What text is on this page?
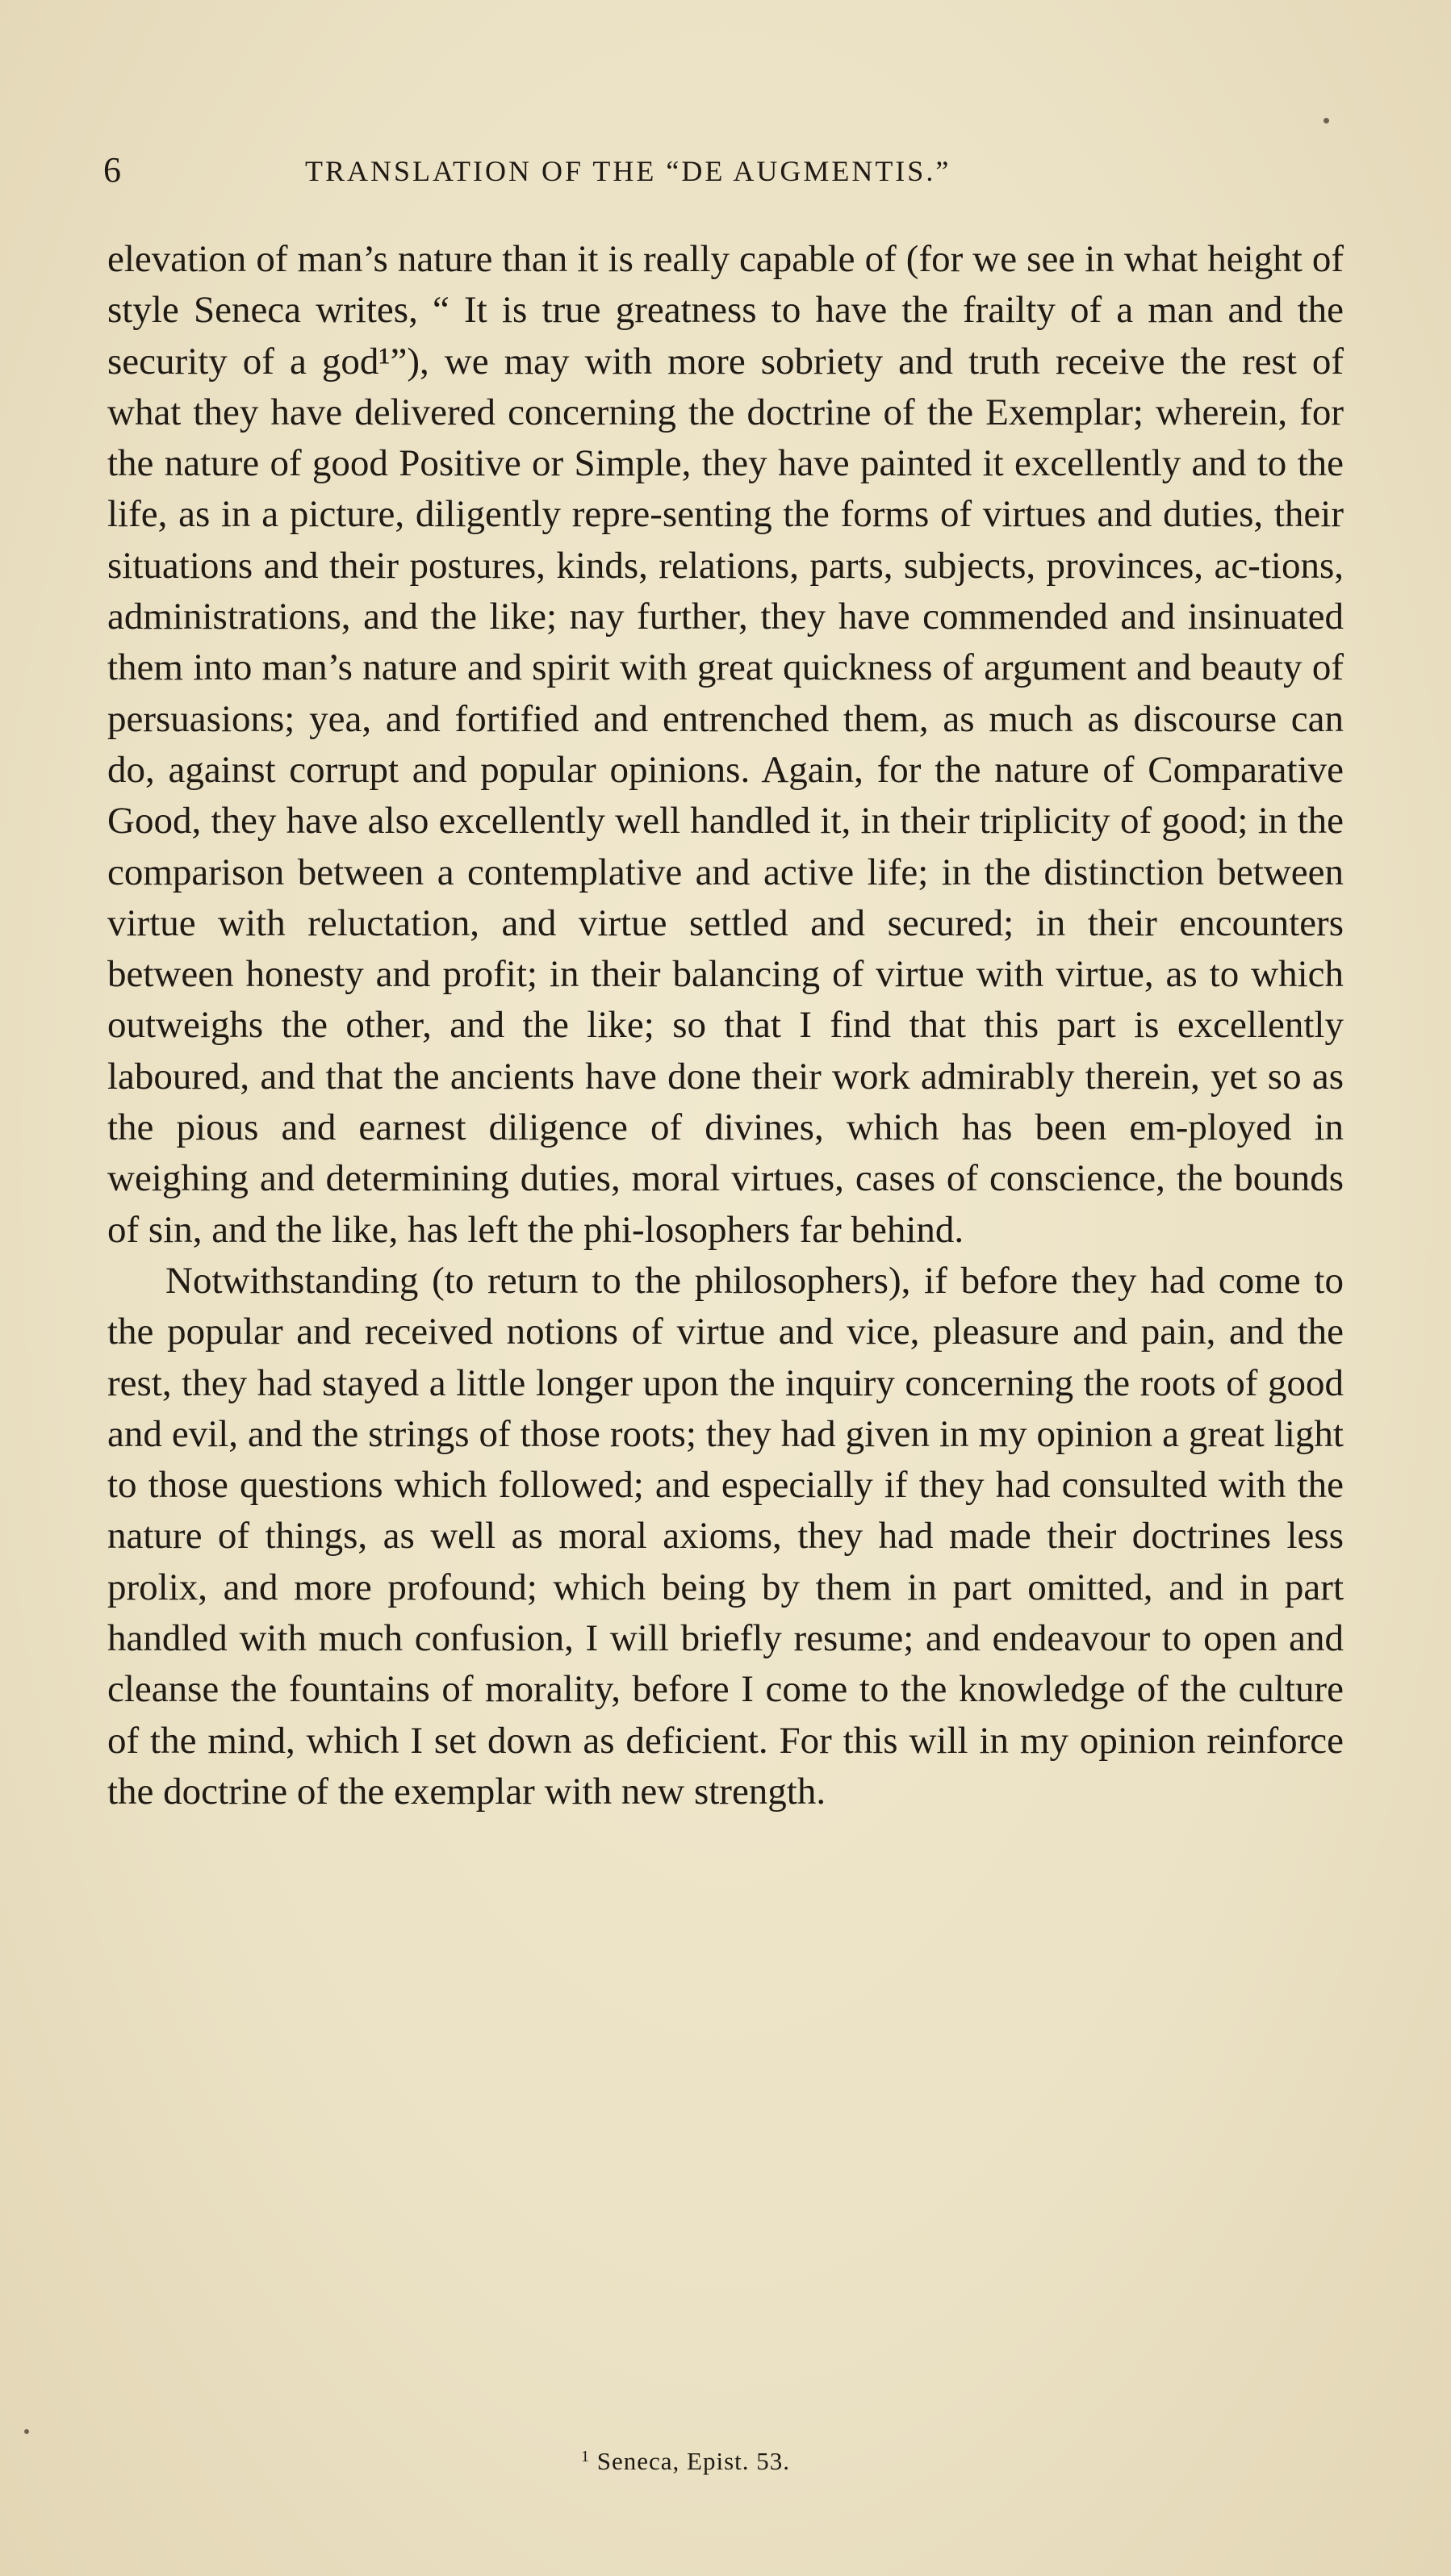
6	TRANSLATION OF THE “DE AUGMENTIS.”

elevation of man’s nature than it is really capable of (for we see in what height of style Seneca writes, “ It is true greatness to have the frailty of a man and the security of a god¹”), we may with more sobriety and truth receive the rest of what they have delivered concerning the doctrine of the Exemplar; wherein, for the nature of good Positive or Simple, they have painted it excellently and to the life, as in a picture, diligently repre-senting the forms of virtues and duties, their situations and their postures, kinds, relations, parts, subjects, provinces, ac-tions, administrations, and the like; nay further, they have commended and insinuated them into man’s nature and spirit with great quickness of argument and beauty of persuasions; yea, and fortified and entrenched them, as much as discourse can do, against corrupt and popular opinions. Again, for the nature of Comparative Good, they have also excellently well handled it, in their triplicity of good; in the comparison between a contemplative and active life; in the distinction between virtue with reluctation, and virtue settled and secured; in their encounters between honesty and profit; in their balancing of virtue with virtue, as to which outweighs the other, and the like; so that I find that this part is excellently laboured, and that the ancients have done their work admirably therein, yet so as the pious and earnest diligence of divines, which has been em-ployed in weighing and determining duties, moral virtues, cases of conscience, the bounds of sin, and the like, has left the phi-losophers far behind.

Notwithstanding (to return to the philosophers), if before they had come to the popular and received notions of virtue and vice, pleasure and pain, and the rest, they had stayed a little longer upon the inquiry concerning the roots of good and evil, and the strings of those roots; they had given in my opinion a great light to those questions which followed; and especially if they had consulted with the nature of things, as well as moral axioms, they had made their doctrines less prolix, and more profound; which being by them in part omitted, and in part handled with much confusion, I will briefly resume; and endeavour to open and cleanse the fountains of morality, before I come to the knowledge of the culture of the mind, which I set down as deficient. For this will in my opinion reinforce the doctrine of the exemplar with new strength.

$^1$ Seneca, Epist. 53.
